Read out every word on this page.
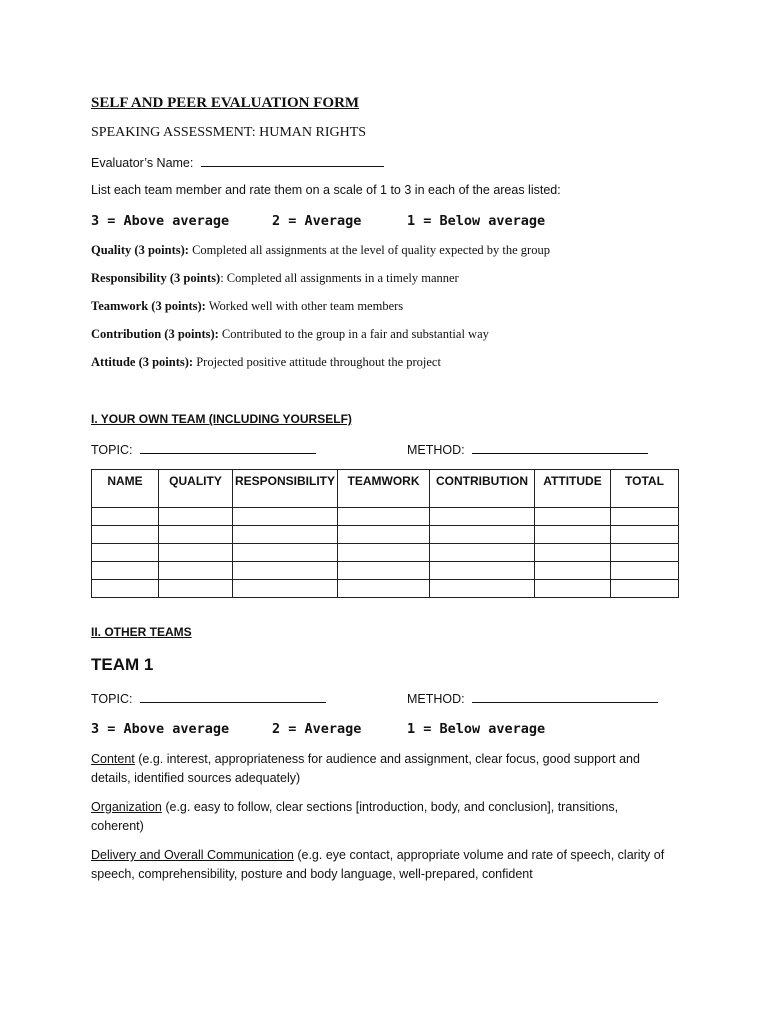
SELF AND PEER EVALUATION FORM
SPEAKING ASSESSMENT: HUMAN RIGHTS
Evaluator’s Name:
List each team member and rate them on a scale of 1 to 3 in each of the areas listed:
3 = Above average	2 = Average	1 = Below average
Quality (3 points): Completed all assignments at the level of quality expected by the group
Responsibility (3 points): Completed all assignments in a timely manner
Teamwork (3 points): Worked well with other team members
Contribution (3 points): Contributed to the group in a fair and substantial way
Attitude (3 points): Projected positive attitude throughout the project
I. YOUR OWN TEAM (INCLUDING YOURSELF)
TOPIC:	METHOD:
NAME	QUALITY	RESPONSIBILITY	TEAMWORK	CONTRIBUTION	ATTITUDE	TOTAL

II. OTHER TEAMS
TEAM 1
TOPIC:	METHOD:
3 = Above average	2 = Average	1 = Below average
Content (e.g. interest, appropriateness for audience and assignment, clear focus, good support and details, identified sources adequately)
Organization (e.g. easy to follow, clear sections [introduction, body, and conclusion], transitions, coherent)
Delivery and Overall Communication (e.g. eye contact, appropriate volume and rate of speech, clarity of speech, comprehensibility, posture and body language, well-prepared, confident
